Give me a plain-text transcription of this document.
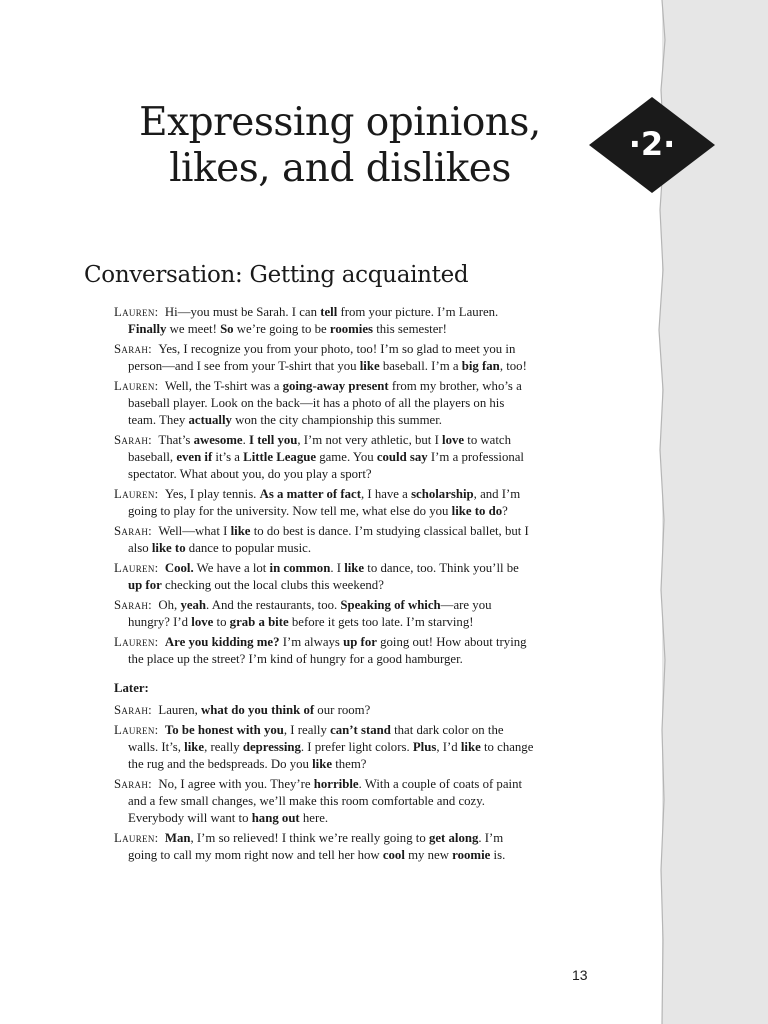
Expressing opinions, likes, and dislikes
·2·
Conversation: Getting acquainted
Lauren: Hi—you must be Sarah. I can tell from your picture. I’m Lauren. Finally we meet! So we’re going to be roomies this semester!
Sarah: Yes, I recognize you from your photo, too! I’m so glad to meet you in person—and I see from your T-shirt that you like baseball. I’m a big fan, too!
Lauren: Well, the T-shirt was a going-away present from my brother, who’s a baseball player. Look on the back—it has a photo of all the players on his team. They actually won the city championship this summer.
Sarah: That’s awesome. I tell you, I’m not very athletic, but I love to watch baseball, even if it’s a Little League game. You could say I’m a professional spectator. What about you, do you play a sport?
Lauren: Yes, I play tennis. As a matter of fact, I have a scholarship, and I’m going to play for the university. Now tell me, what else do you like to do?
Sarah: Well—what I like to do best is dance. I’m studying classical ballet, but I also like to dance to popular music.
Lauren: Cool. We have a lot in common. I like to dance, too. Think you’ll be up for checking out the local clubs this weekend?
Sarah: Oh, yeah. And the restaurants, too. Speaking of which—are you hungry? I’d love to grab a bite before it gets too late. I’m starving!
Lauren: Are you kidding me? I’m always up for going out! How about trying the place up the street? I’m kind of hungry for a good hamburger.
Later:
Sarah: Lauren, what do you think of our room?
Lauren: To be honest with you, I really can’t stand that dark color on the walls. It’s, like, really depressing. I prefer light colors. Plus, I’d like to change the rug and the bedspreads. Do you like them?
Sarah: No, I agree with you. They’re horrible. With a couple of coats of paint and a few small changes, we’ll make this room comfortable and cozy. Everybody will want to hang out here.
Lauren: Man, I’m so relieved! I think we’re really going to get along. I’m going to call my mom right now and tell her how cool my new roomie is.
13
